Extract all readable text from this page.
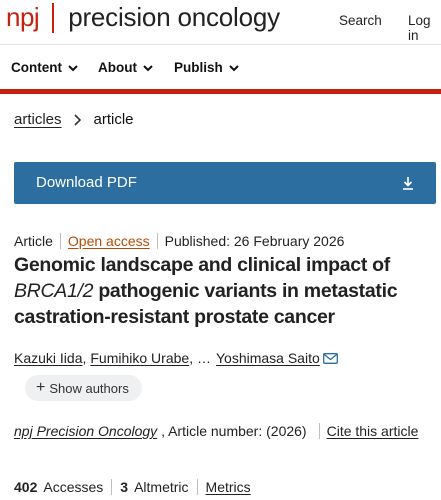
npj precision oncology	Search Log in
Content	About	Publish
articles article
Download PDF
Article Open access Published: 26 February 2026
Genomic landscape and clinical impact of BRCA1/2 pathogenic variants in metastatic castration-resistant prostate cancer
Kazuki Iida , Fumihiko Urabe , … Yoshimasa Saito
+ Show authors
npj Precision Oncology , Article number: (2026) Cite this article
402 Accesses 3 Altmetric Metrics
